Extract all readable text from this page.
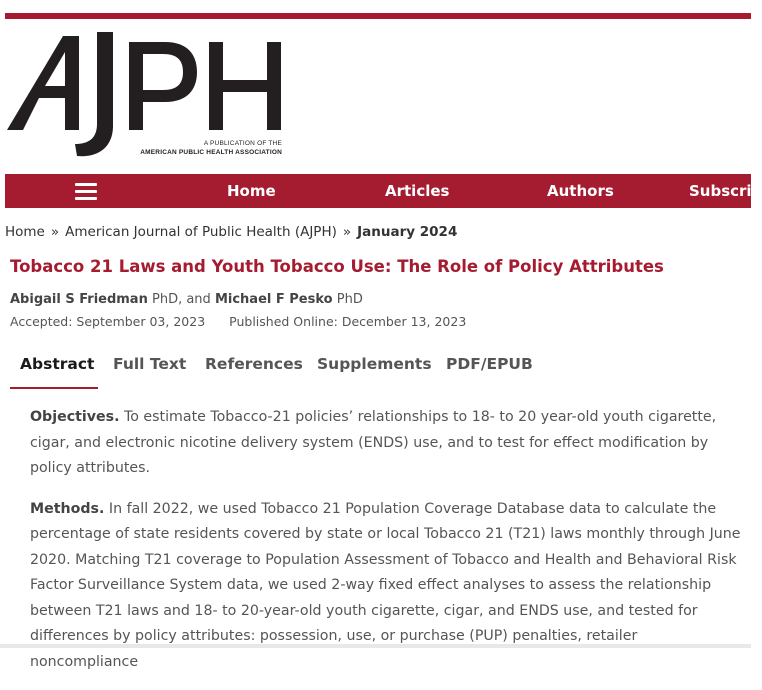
A PUBLICATION OF THE
AMERICAN PUBLIC HEALTH ASSOCIATION
Home	Articles	Authors	Subscrip
Home » American Journal of Public Health (AJPH) » January 2024
Tobacco 21 Laws and Youth Tobacco Use: The Role of Policy Attributes
Abigail S Friedman PhD, and Michael F Pesko PhD
Accepted: September 03, 2023 Published Online: December 13, 2023
Abstract Full Text References Supplements PDF/EPUB

Objectives. To estimate Tobacco-21 policies’ relationships to 18- to 20 year-old youth cigarette, cigar, and electronic nicotine delivery system (ENDS) use, and to test for effect modification by policy attributes.

Methods. In fall 2022, we used Tobacco 21 Population Coverage Database data to calculate the percentage of state residents covered by state or local Tobacco 21 (T21) laws monthly through June 2020. Matching T21 coverage to Population Assessment of Tobacco and Health and Behavioral Risk Factor Surveillance System data, we used 2-way fixed effect analyses to assess the relationship between T21 laws and 18- to 20-year-old youth cigarette, cigar, and ENDS use, and tested for differences by policy attributes: possession, use, or purchase (PUP) penalties, retailer noncompliance
